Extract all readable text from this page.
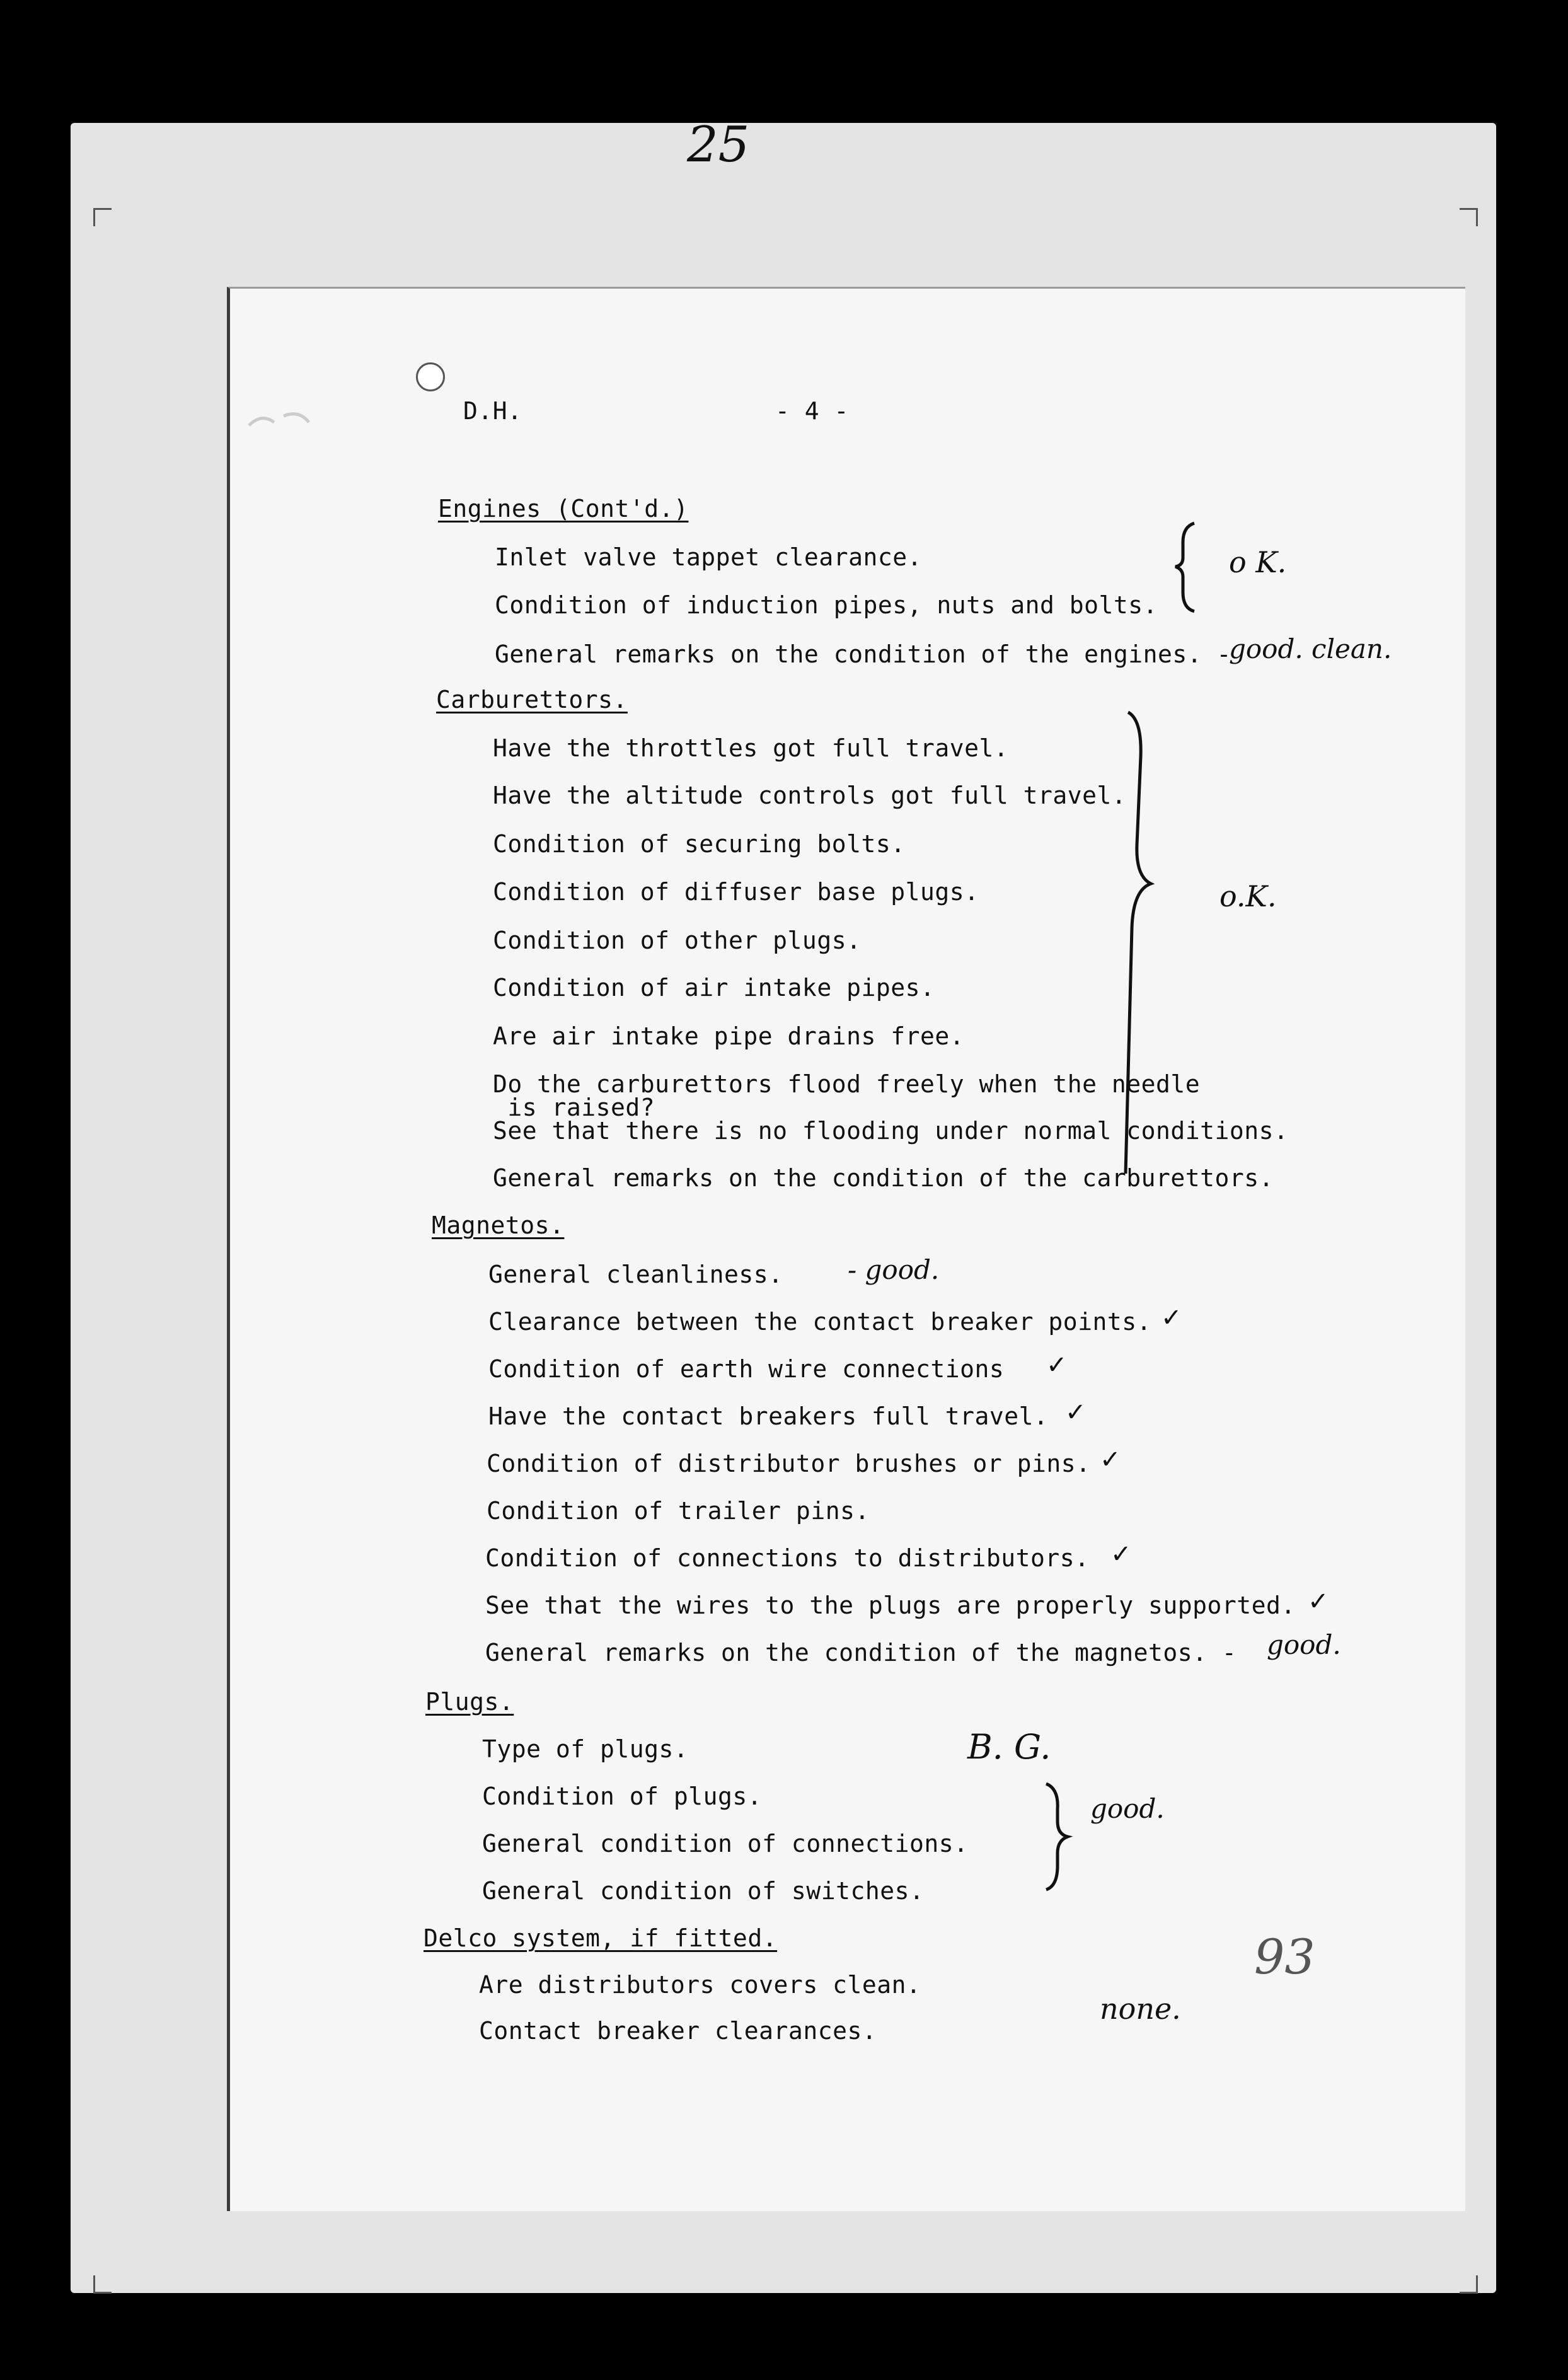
25
D.H.	- 4 -
Engines (Cont'd.)
Inlet valve tappet clearance.
Condition of induction pipes, nuts and bolts.
General remarks on the condition of the engines. -
Carburettors.
Have the throttles got full travel.
Have the altitude controls got full travel.
Condition of securing bolts.
Condition of diffuser base plugs.
Condition of other plugs.
Condition of air intake pipes.
Are air intake pipe drains free.
Do the carburettors flood freely when the needle
is raised?
See that there is no flooding under normal conditions.
General remarks on the condition of the carburettors.
Magnetos.
General cleanliness.
Clearance between the contact breaker points.
Condition of earth wire connections
Have the contact breakers full travel.
Condition of distributor brushes or pins.
Condition of trailer pins.
Condition of connections to distributors.
See that the wires to the plugs are properly supported.
General remarks on the condition of the magnetos. -
Plugs.
Type of plugs.
Condition of plugs.
General condition of connections.
General condition of switches.
Delco system, if fitted.
Are distributors covers clean.
Contact breaker clearances.
o K.
good. clean.
o.K.
- good.
good.
B. G.
good.
none.
93
✓
✓
✓
✓
✓
✓
